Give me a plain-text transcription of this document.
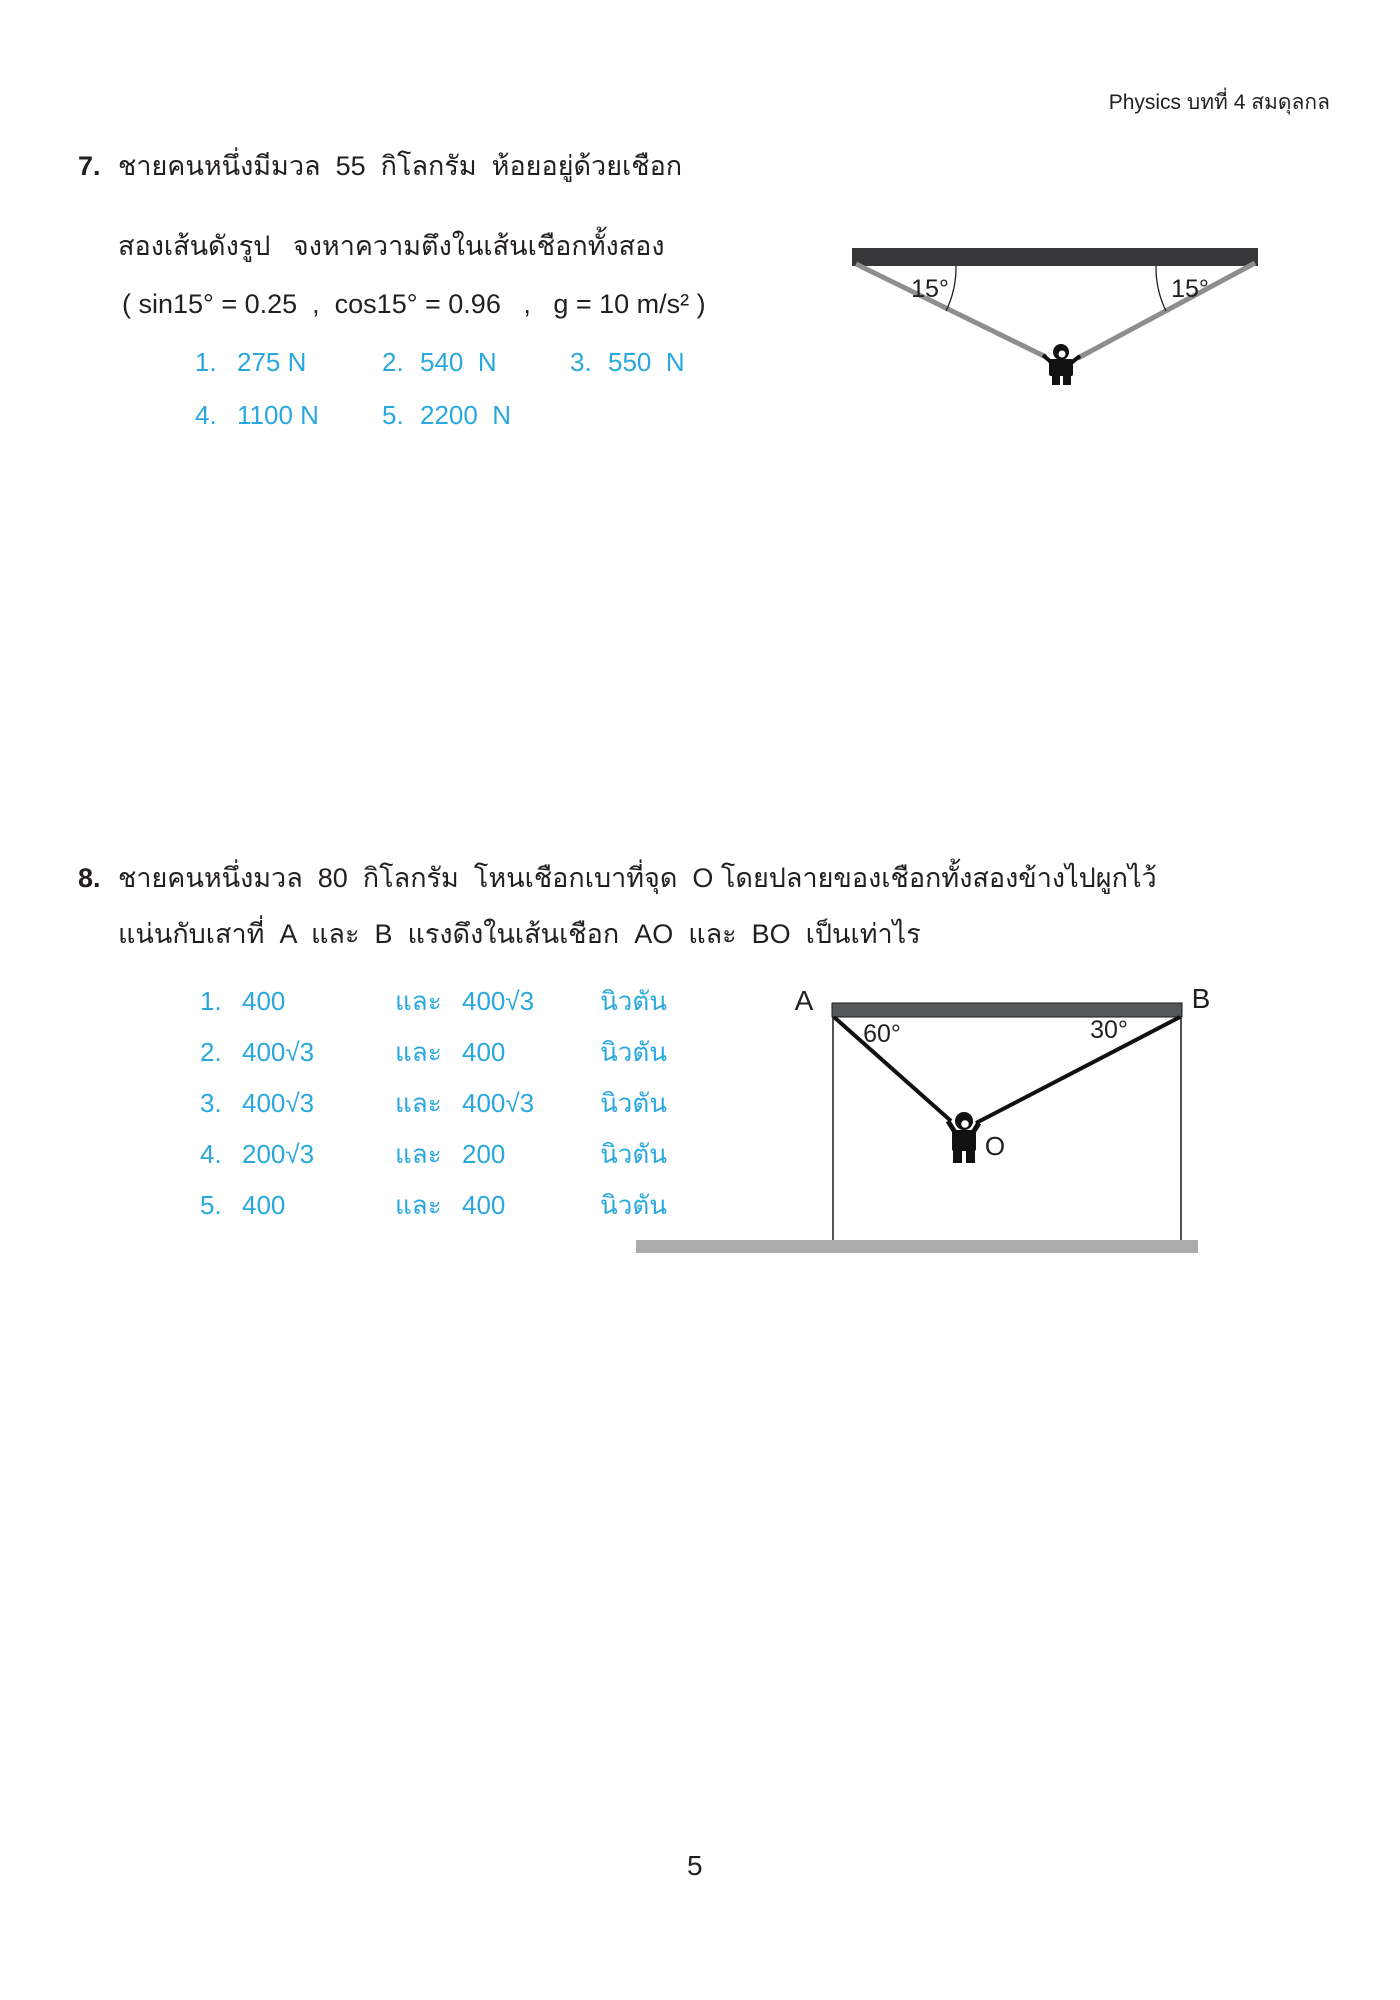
Physics บทที่ 4 สมดุลกล
7. ชายคนหนึ่งมีมวล  55  กิโลกรัม  ห้อยอยู่ด้วยเชือก
สองเส้นดังรูป   จงหาความตึงในเส้นเชือกทั้งสอง
( sin15° = 0.25  ,  cos15° = 0.96   ,   g = 10 m/s² )
1. 275 N	2. 540  N	3. 550  N
4. 1100 N 5. 2200  N
15°	15°
8. ชายคนหนึ่งมวล  80  กิโลกรัม  โหนเชือกเบาที่จุด  O โดยปลายของเชือกทั้งสองข้างไปผูกไว้
แน่นกับเสาที่  A  และ  B  แรงดึงในเส้นเชือก  AO  และ  BO  เป็นเท่าไร
1. 400	และ 400√3	นิวตัน
2. 400√3	และ 400	นิวตัน
3. 400√3	และ 400√3	นิวตัน
4. 200√3	และ 200	นิวตัน
5. 400	และ 400	นิวตัน
A	B
60°	30°
O
5
